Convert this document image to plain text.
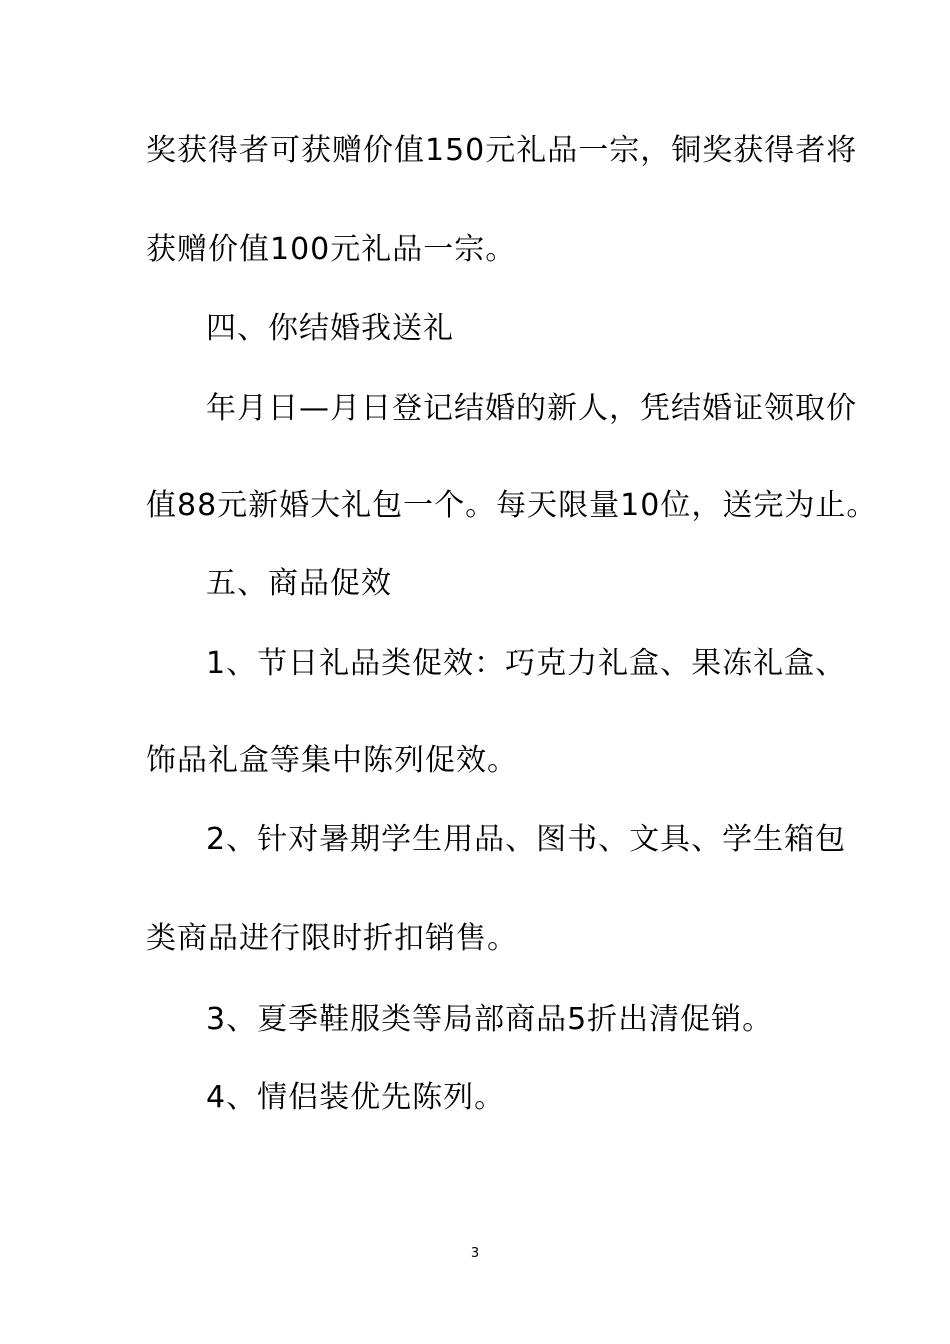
奖获得者可获赠价值150元礼品一宗，铜奖获得者将
获赠价值100元礼品一宗。
四、你结婚我送礼
年月日—月日登记结婚的新人，凭结婚证领取价
值88元新婚大礼包一个。每天限量10位，送完为止。
五、商品促效
1、节日礼品类促效：巧克力礼盒、果冻礼盒、
饰品礼盒等集中陈列促效。
2、针对暑期学生用品、图书、文具、学生箱包
类商品进行限时折扣销售。
3、夏季鞋服类等局部商品5折出清促销。
4、情侣装优先陈列。
3
